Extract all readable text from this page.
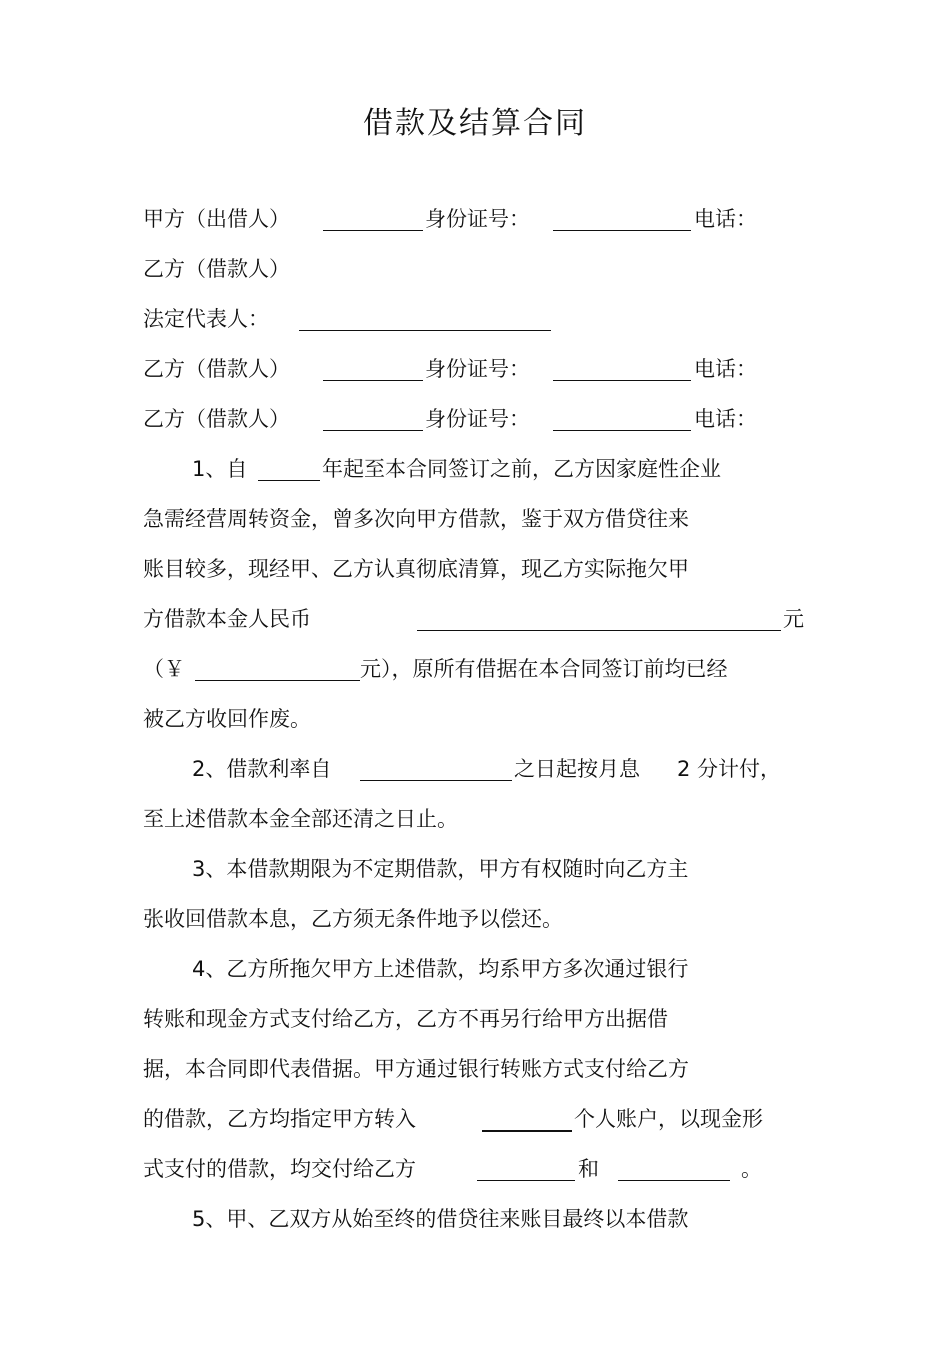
借款及结算合同
甲方（出借人）	身份证号：	电话：
乙方（借款人）
法定代表人：
乙方（借款人）	身份证号：	电话：
乙方（借款人）	身份证号：	电话：
1、自	年起至本合同签订之前，乙方因家庭性企业
急需经营周转资金，曾多次向甲方借款，鉴于双方借贷往来
账目较多，现经甲、乙方认真彻底清算，现乙方实际拖欠甲
方借款本金人民币	元
（￥	元），原所有借据在本合同签订前均已经
被乙方收回作废。
2、借款利率自	之日起按月息 2 分计付，
至上述借款本金全部还清之日止。
3、本借款期限为不定期借款，甲方有权随时向乙方主
张收回借款本息，乙方须无条件地予以偿还。
4、乙方所拖欠甲方上述借款，均系甲方多次通过银行
转账和现金方式支付给乙方，乙方不再另行给甲方出据借
据，本合同即代表借据。甲方通过银行转账方式支付给乙方
的借款，乙方均指定甲方转入	个人账户，以现金形
式支付的借款，均交付给乙方	和	。
5、甲、乙双方从始至终的借贷往来账目最终以本借款
